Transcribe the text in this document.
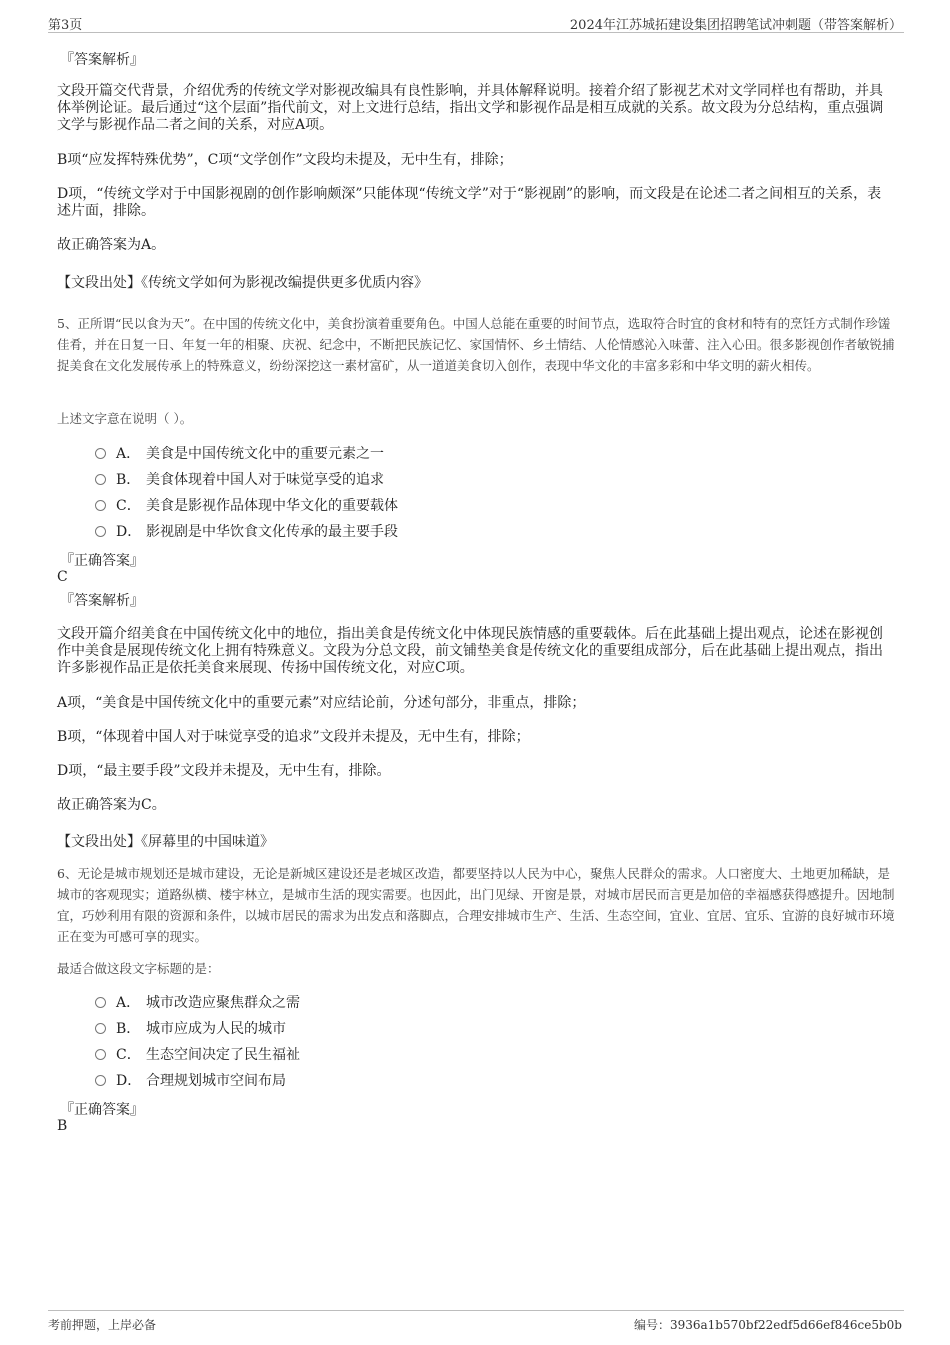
第3页	2024年江苏城拓建设集团招聘笔试冲刺题（带答案解析）
『答案解析』

文段开篇交代背景，介绍优秀的传统文学对影视改编具有良性影响，并具体解释说明。接着介绍了影视艺术对文学同样也有帮助，并具体举例论证。最后通过“这个层面”指代前文，对上文进行总结，指出文学和影视作品是相互成就的关系。故文段为分总结构，重点强调文学与影视作品二者之间的关系，对应A项。

B项“应发挥特殊优势”，C项“文学创作”文段均未提及，无中生有，排除；

D项，“传统文学对于中国影视剧的创作影响颇深”只能体现“传统文学”对于“影视剧”的影响，而文段是在论述二者之间相互的关系，表述片面，排除。

故正确答案为A。

【文段出处】《传统文学如何为影视改编提供更多优质内容》

5、正所谓“民以食为天”。在中国的传统文化中，美食扮演着重要角色。中国人总能在重要的时间节点，选取符合时宜的食材和特有的烹饪方式制作珍馐佳肴，并在日复一日、年复一年的相聚、庆祝、纪念中，不断把民族记忆、家国情怀、乡土情结、人伦情感沁入味蕾、注入心田。很多影视创作者敏锐捕捉美食在文化发展传承上的特殊意义，纷纷深挖这一素材富矿，从一道道美食切入创作，表现中华文化的丰富多彩和中华文明的薪火相传。

上述文字意在说明（ ）。
A． 美食是中国传统文化中的重要元素之一
B． 美食体现着中国人对于味觉享受的追求
C． 美食是影视作品体现中华文化的重要载体
D． 影视剧是中华饮食文化传承的最主要手段
『正确答案』
C
『答案解析』

文段开篇介绍美食在中国传统文化中的地位，指出美食是传统文化中体现民族情感的重要载体。后在此基础上提出观点，论述在影视创作中美食是展现传统文化上拥有特殊意义。文段为分总文段，前文铺垫美食是传统文化的重要组成部分，后在此基础上提出观点，指出许多影视作品正是依托美食来展现、传扬中国传统文化，对应C项。

A项，“美食是中国传统文化中的重要元素”对应结论前，分述句部分，非重点，排除；

B项，“体现着中国人对于味觉享受的追求”文段并未提及，无中生有，排除；

D项，“最主要手段”文段并未提及，无中生有，排除。

故正确答案为C。

【文段出处】《屏幕里的中国味道》

6、无论是城市规划还是城市建设，无论是新城区建设还是老城区改造，都要坚持以人民为中心，聚焦人民群众的需求。人口密度大、土地更加稀缺，是城市的客观现实；道路纵横、楼宇林立，是城市生活的现实需要。也因此，出门见绿、开窗是景，对城市居民而言更是加倍的幸福感获得感提升。因地制宜，巧妙利用有限的资源和条件，以城市居民的需求为出发点和落脚点，合理安排城市生产、生活、生态空间，宜业、宜居、宜乐、宜游的良好城市环境正在变为可感可享的现实。

最适合做这段文字标题的是：
A． 城市改造应聚焦群众之需
B． 城市应成为人民的城市
C． 生态空间决定了民生福祉
D． 合理规划城市空间布局
『正确答案』
B
考前押题，上岸必备	编号：3936a1b570bf22edf5d66ef846ce5b0b
